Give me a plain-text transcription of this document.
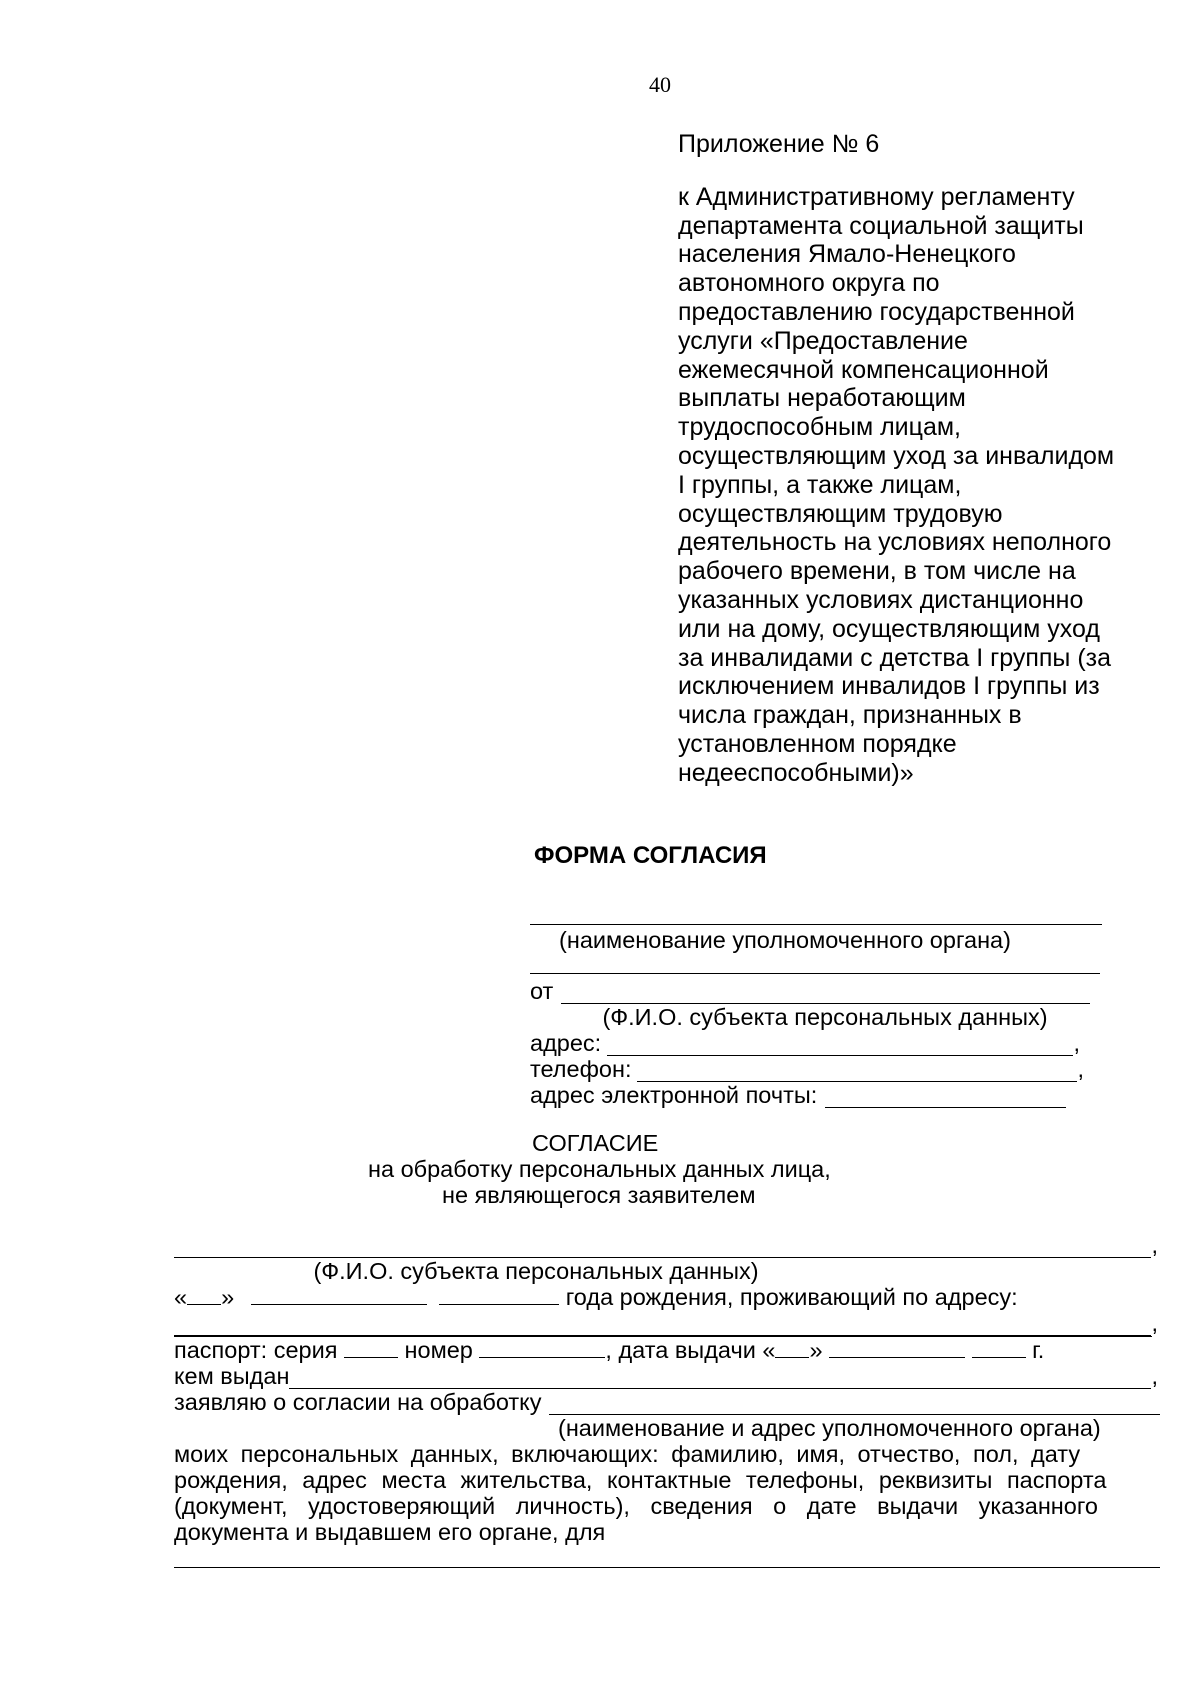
40
Приложение № 6
к Административному регламенту
департамента социальной защиты
населения Ямало-Ненецкого
автономного округа по
предоставлению государственной
услуги «Предоставление
ежемесячной компенсационной
выплаты неработающим
трудоспособным лицам,
осуществляющим уход за инвалидом
I группы, а также лицам,
осуществляющим трудовую
деятельность на условиях неполного
рабочего времени, в том числе на
указанных условиях дистанционно
или на дому, осуществляющим уход
за инвалидами с детства I группы (за
исключением инвалидов I группы из
числа граждан, признанных в
установленном порядке
недееспособными)»
ФОРМА СОГЛАСИЯ
(наименование уполномоченного органа)
от
(Ф.И.О. субъекта персональных данных)
адрес:	,
телефон:	,
адрес электронной почты:
СОГЛАСИЕ
на обработку персональных данных лица,
не являющегося заявителем
,
(Ф.И.О. субъекта персональных данных)
« »	года рождения, проживающий по адресу:
,
паспорт: серия	номер	, дата выдачи « »	г.
кем выдан	,
заявляю о согласии на обработку
(наименование и адрес уполномоченного органа)
моих персональных данных, включающих: фамилию, имя, отчество, пол, дату
рождения, адрес места жительства, контактные телефоны, реквизиты паспорта
(документ, удостоверяющий личность), сведения о дате выдачи указанного
документа и выдавшем его органе, для
